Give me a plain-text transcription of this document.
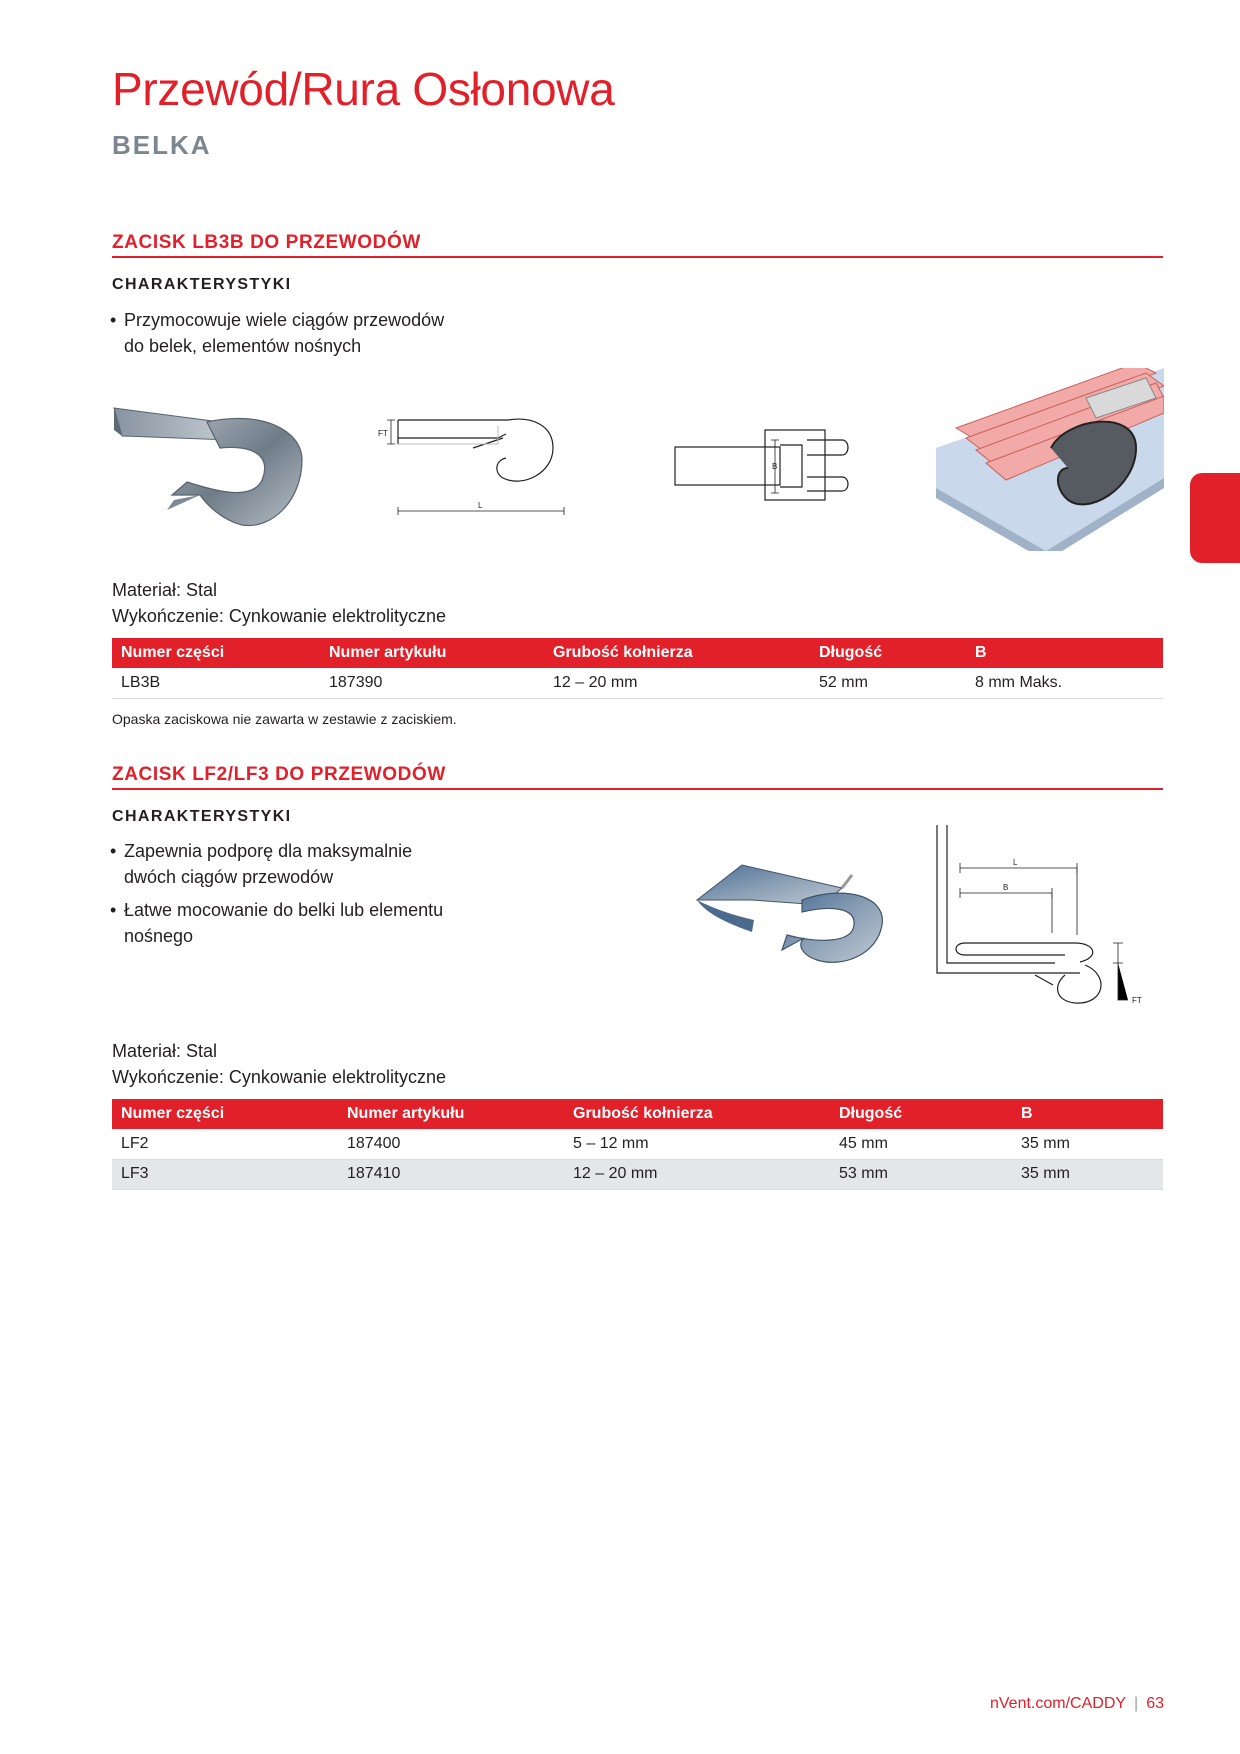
Przewód/Rura Osłonowa
BELKA
ZACISK LB3B DO PRZEWODÓW
CHARAKTERYSTYKI
• Przymocowuje wiele ciągów przewodów
do belek, elementów nośnych
FT
L
B
Materiał: Stal
Wykończenie: Cynkowanie elektrolityczne
Numer części	Numer artykułu	Grubość kołnierza	Długość	B
LB3B	187390	12 – 20 mm	52 mm	8 mm Maks.
Opaska zaciskowa nie zawarta w zestawie z zaciskiem.
ZACISK LF2/LF3 DO PRZEWODÓW
CHARAKTERYSTYKI
• Zapewnia podporę dla maksymalnie
dwóch ciągów przewodów
• Łatwe mocowanie do belki lub elementu
nośnego
L
B
FT
Materiał: Stal
Wykończenie: Cynkowanie elektrolityczne
Numer części	Numer artykułu	Grubość kołnierza	Długość	B
LF2	187400	5 – 12 mm	45 mm	35 mm
LF3	187410	12 – 20 mm	53 mm	35 mm
nVent.com/CADDY | 63
